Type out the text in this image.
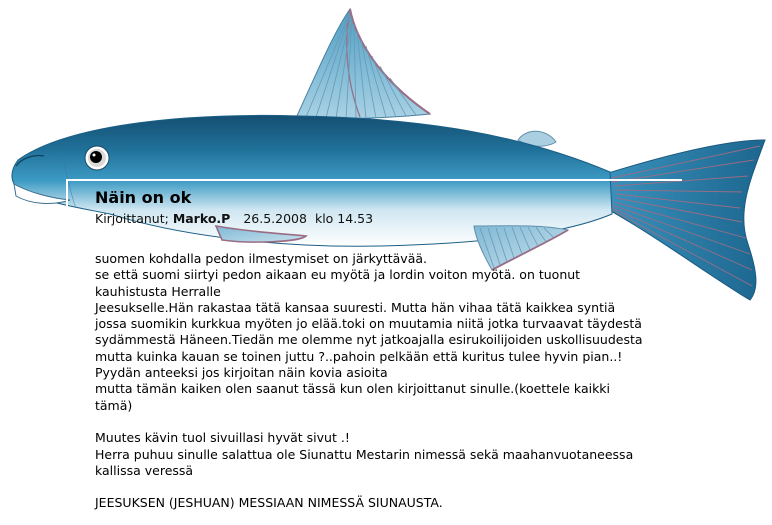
Näin on ok
Kirjoittanut; Marko.P 26.5.2008 klo 14.53
suomen kohdalla pedon ilmestymiset on järkyttävää.
se että suomi siirtyi pedon aikaan eu myötä ja lordin voiton myötä. on tuonut
kauhistusta Herralle
Jeesukselle.Hän rakastaa tätä kansaa suuresti. Mutta hän vihaa tätä kaikkea syntiä
jossa suomikin kurkkua myöten jo elää.toki on muutamia niitä jotka turvaavat täydestä
sydämmestä Häneen.Tiedän me olemme nyt jatkoajalla esirukoilijoiden uskollisuudesta
mutta kuinka kauan se toinen juttu ?..pahoin pelkään että kuritus tulee hyvin pian..!
Pyydän anteeksi jos kirjoitan näin kovia asioita
mutta tämän kaiken olen saanut tässä kun olen kirjoittanut sinulle.(koettele kaikki
tämä)
Muutes kävin tuol sivuillasi hyvät sivut .!
Herra puhuu sinulle salattua ole Siunattu Mestarin nimessä sekä maahanvuotaneessa
kallissa veressä
JEESUKSEN (JESHUAN) MESSIAAN NIMESSÄ SIUNAUSTA.
